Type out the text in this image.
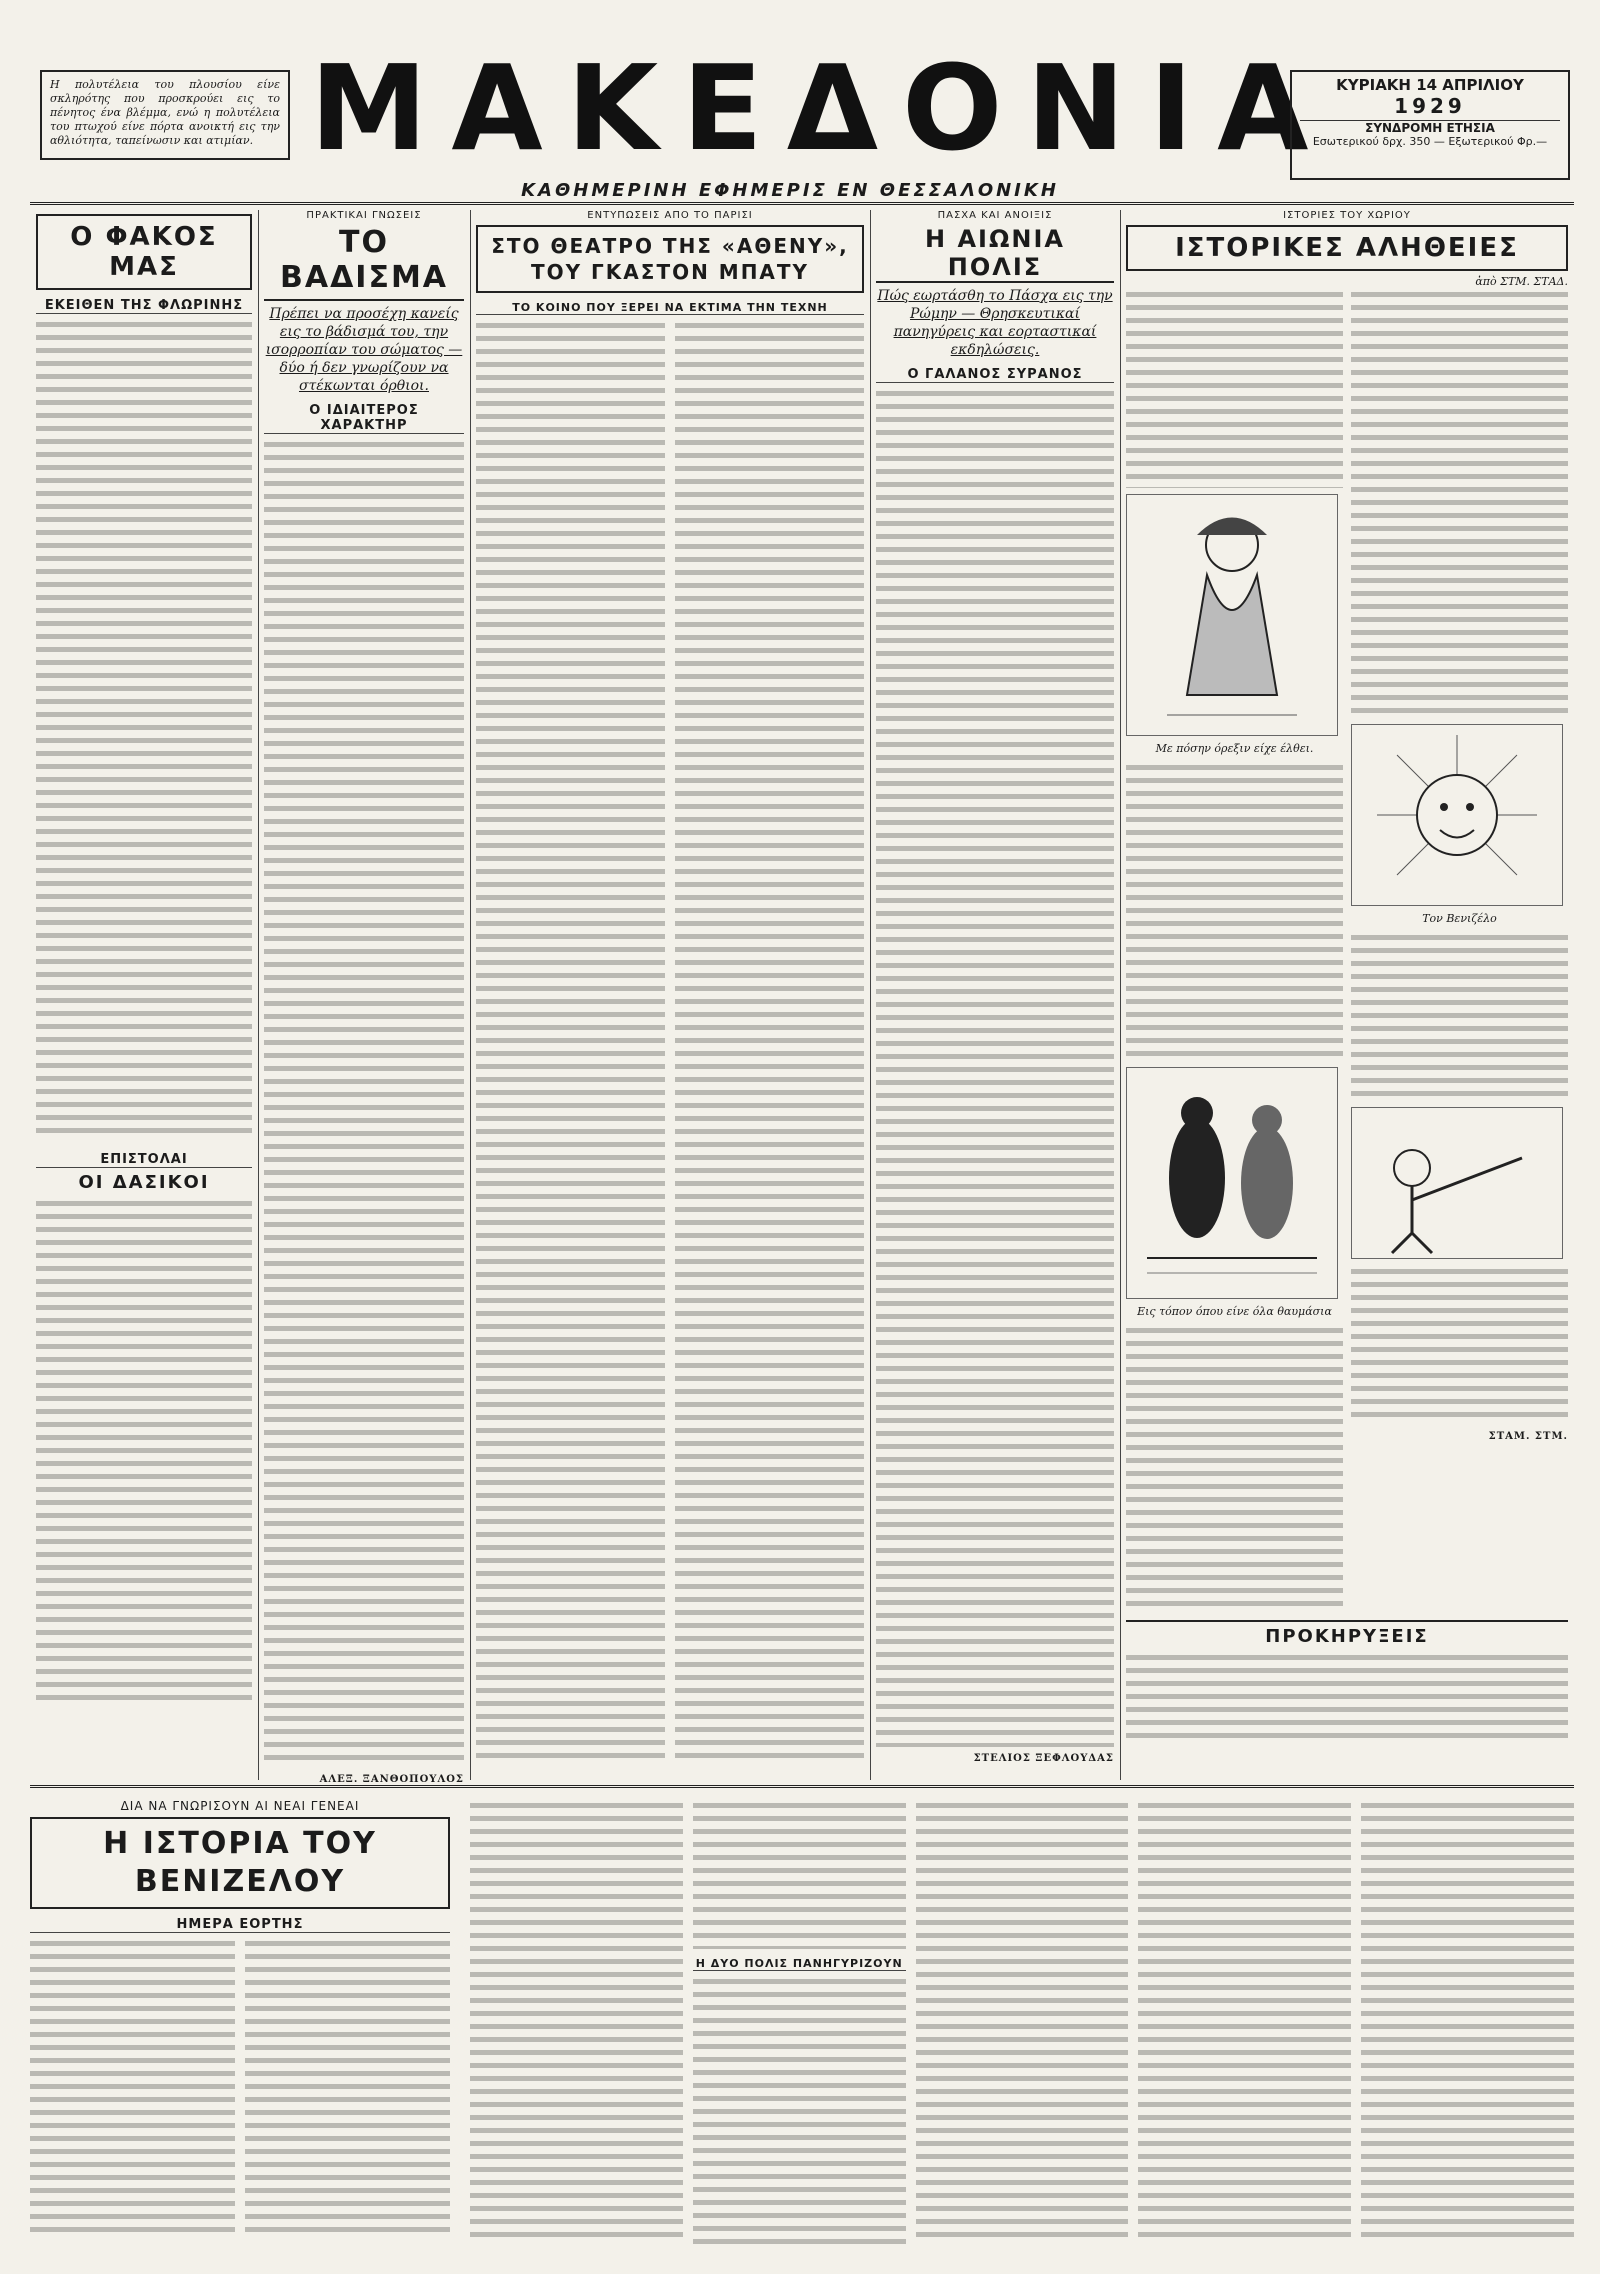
Η πολυτέλεια του πλουσίου είνε σκληρότης που προσκρούει εις το πένητος ένα βλέμμα, ενώ η πολυτέλεια του πτωχού είνε πόρτα ανοικτή εις την αθλιότητα, ταπείνωσιν και ατιμίαν. ΜΑΚΕΔΟΝΙΑ
ΚΑΘΗΜΕΡΙΝΗ ΕΦΗΜΕΡΙΣ ΕΝ ΘΕΣΣΑΛΟΝΙΚΗ
ΚΥΡΙΑΚΗ 14 ΑΠΡΙΛΙΟΥ
1929
ΣΥΝΔΡΟΜΗ ΕΤΗΣΙΑ
Εσωτερικού δρχ. 350 — Εξωτερικού Φρ.—
Ο ΦΑΚΟΣ ΜΑΣ
ΕΚΕΙΘΕΝ ΤΗΣ ΦΛΩΡΙΝΗΣ
ΕΠΙΣΤΟΛΑΙ
ΟΙ ΔΑΣΙΚΟΙ
ΠΡΑΚΤΙΚΑΙ ΓΝΩΣΕΙΣ
ΤΟ ΒΑΔΙΣΜΑ
Πρέπει να προσέχη κανείς εις το βάδισμά του, την ισορροπίαν του σώματος — δύο ή δεν γνωρίζουν να στέκωνται όρθιοι.
Ο ΙΔΙΑΙΤΕΡΟΣ ΧΑΡΑΚΤΗΡ
ΑΛΕΞ. ΞΑΝΘΟΠΟΥΛΟΣ
ΕΝΤΥΠΩΣΕΙΣ ΑΠΟ ΤΟ ΠΑΡΙΣΙ
ΣΤΟ ΘΕΑΤΡΟ ΤΗΣ «ΑΘΕΝΥ», ΤΟΥ ΓΚΑΣΤΟΝ ΜΠΑΤΥ
ΤΟ ΚΟΙΝΟ ΠΟΥ ΞΕΡΕΙ ΝΑ ΕΚΤΙΜΑ ΤΗΝ ΤΕΧΝΗ
ΠΑΣΧΑ ΚΑΙ ΑΝΟΙΞΙΣ
Η ΑΙΩΝΙΑ ΠΟΛΙΣ
Πώς εωρτάσθη το Πάσχα εις την Ρώμην — Θρησκευτικαί πανηγύρεις και εορταστικαί εκδηλώσεις.
Ο ΓΑΛΑΝΟΣ ΣΥΡΑΝΟΣ
ΣΤΕΛΙΟΣ ΞΕΦΛΟΥΔΑΣ
ΙΣΤΟΡΙΕΣ ΤΟΥ ΧΩΡΙΟΥ
ΙΣΤΟΡΙΚΕΣ ΑΛΗΘΕΙΕΣ
ἀπὸ ΣΤΜ. ΣΤΑΔ.
Με πόσην όρεξιν είχε έλθει.
Εις τόπον όπου είνε όλα θαυμάσια
Τον Βενιζέλο
ΣΤΑΜ. ΣΤΜ.
ΠΡΟΚΗΡΥΞΕΙΣ
ΔΙΑ ΝΑ ΓΝΩΡΙΣΟΥΝ ΑΙ ΝΕΑΙ ΓΕΝΕΑΙ
Η ΙΣΤΟΡΙΑ ΤΟΥ ΒΕΝΙΖΕΛΟΥ
ΗΜΕΡΑ ΕΟΡΤΗΣ
Η ΔΥΟ ΠΟΛΙΣ ΠΑΝΗΓΥΡΙΖΟΥΝ
